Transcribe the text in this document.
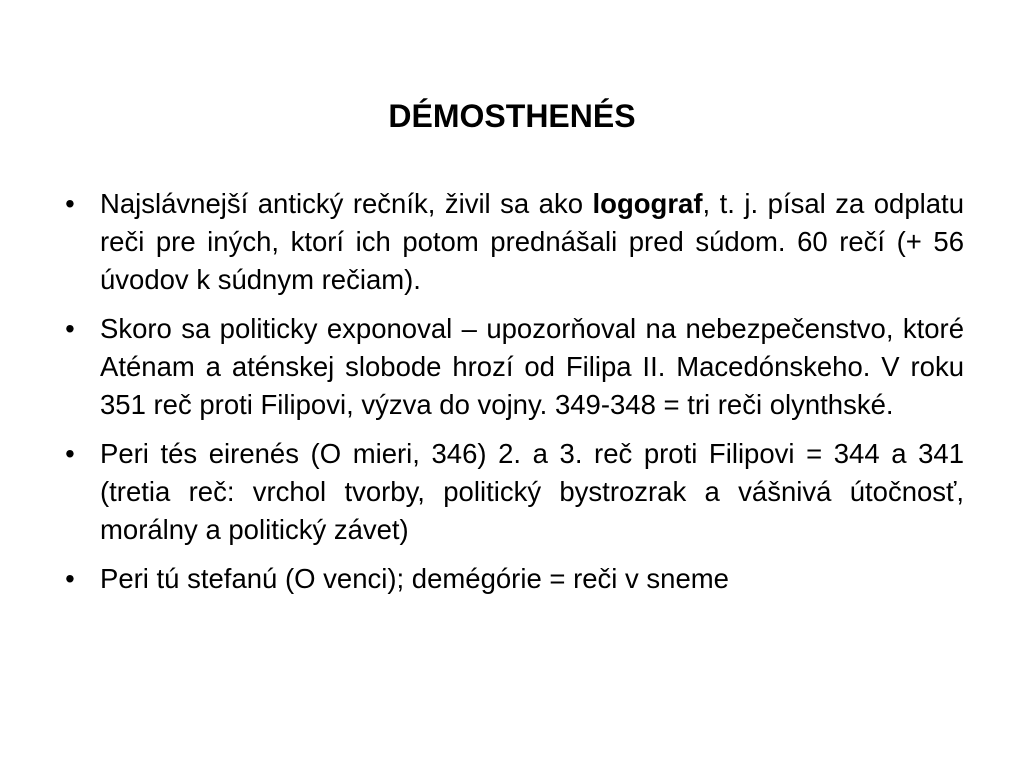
DÉMOSTHENÉS
• Najslávnejší antický rečník, živil sa ako logograf, t. j. písal za odplatu reči pre iných, ktorí ich potom prednášali pred súdom. 60 rečí (+ 56 úvodov k súdnym rečiam).
• Skoro sa politicky exponoval – upozorňoval na nebezpečenstvo, ktoré Aténam a aténskej slobode hrozí od Filipa II. Macedónskeho. V roku 351 reč proti Filipovi, výzva do vojny. 349-348 = tri reči olynthské.
• Peri tés eirenés (O mieri, 346) 2. a 3. reč proti Filipovi = 344 a 341 (tretia reč: vrchol tvorby, politický bystrozrak a vášnivá útočnosť, morálny a politický závet)
• Peri tú stefanú (O venci); demégórie = reči v sneme
